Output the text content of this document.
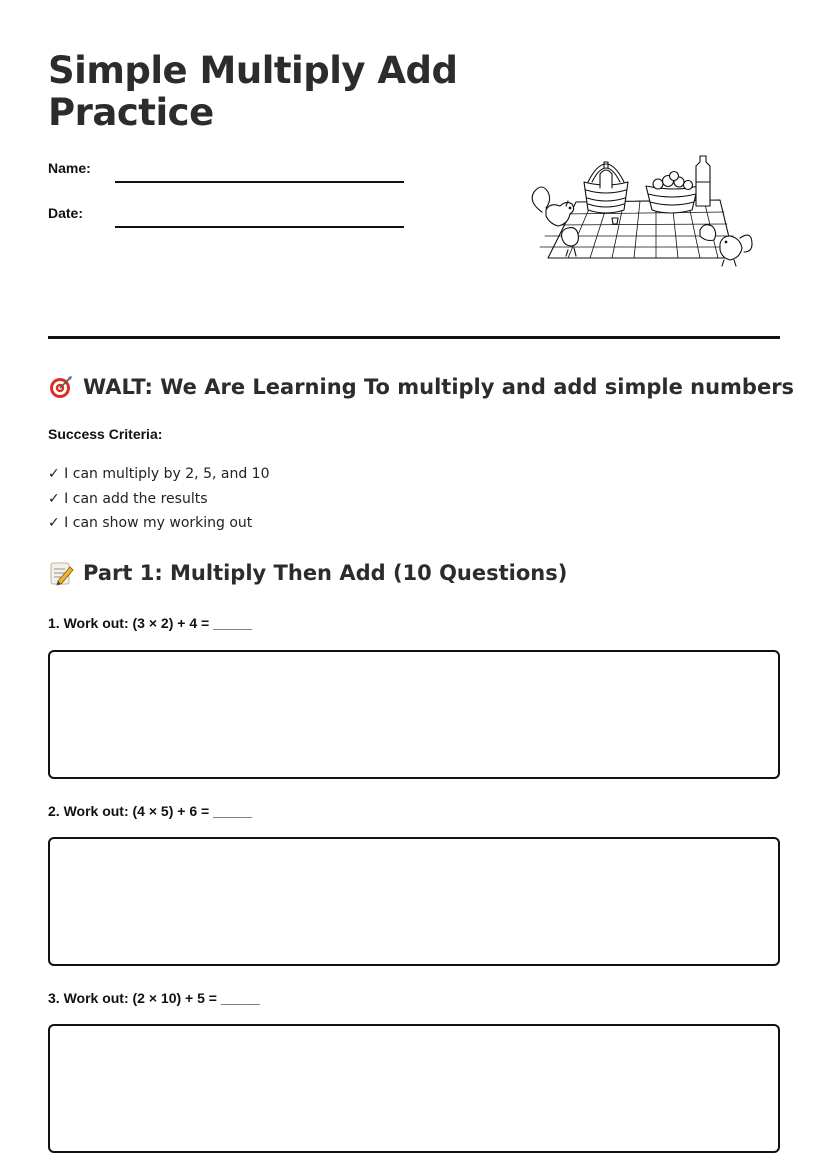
Simple Multiply Add Practice
Name:
Date:
WALT: We Are Learning To multiply and add simple numbers
Success Criteria:
✓ I can multiply by 2, 5, and 10
✓ I can add the results
✓ I can show my working out
Part 1: Multiply Then Add (10 Questions)
1. Work out: (3 × 2) + 4 = _____
2. Work out: (4 × 5) + 6 = _____
3. Work out: (2 × 10) + 5 = _____
